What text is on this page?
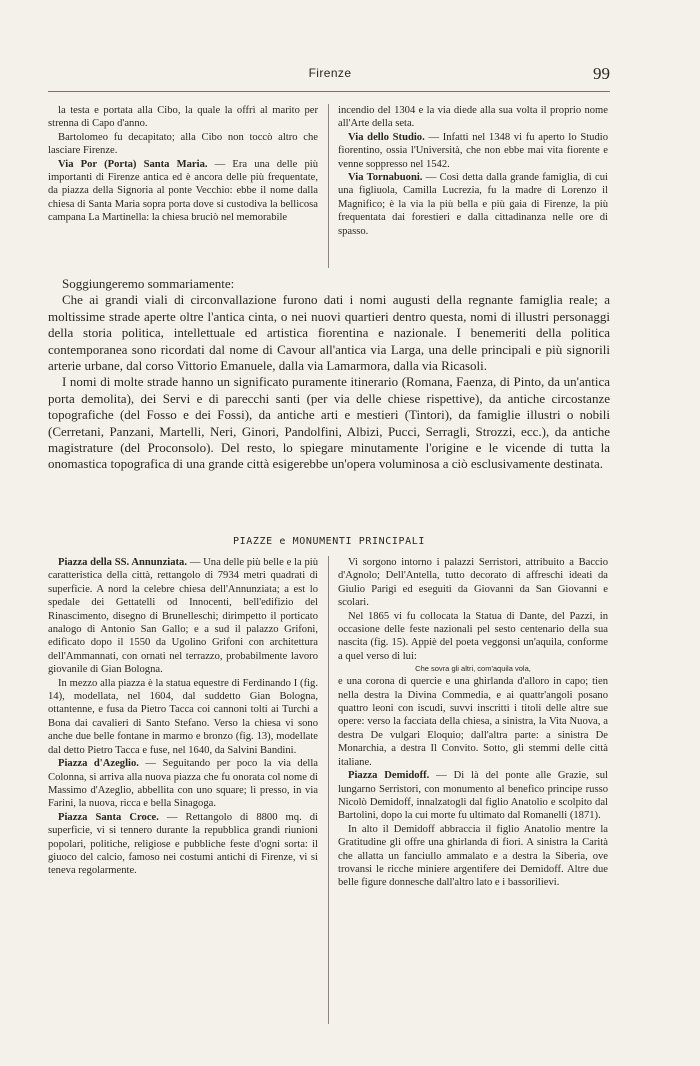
Firenze	99

la testa e portata alla Cibo, la quale la offrì al marito per strenna di Capo d'anno.

Bartolomeo fu decapitato; alla Cibo non toccò altro che lasciare Firenze.

Via Por (Porta) Santa Maria. — Era una delle più importanti di Firenze antica ed è ancora delle più frequentate, da piazza della Signoria al ponte Vecchio: ebbe il nome dalla chiesa di Santa Maria sopra porta dove si custodiva la bellicosa campana La Martinella: la chiesa bruciò nel memorabile

incendio del 1304 e la via diede alla sua volta il proprio nome all'Arte della seta.

Via dello Studio. — Infatti nel 1348 vi fu aperto lo Studio fiorentino, ossia l'Università, che non ebbe mai vita fiorente e venne soppresso nel 1542.

Via Tornabuoni. — Così detta dalla grande famiglia, di cui una figliuola, Camilla Lucrezia, fu la madre di Lorenzo il Magnifico; è la via la più bella e più gaia di Firenze, la più frequentata dai forestieri e dalla cittadinanza nelle ore di spasso.

Soggiungeremo sommariamente:

Che ai grandi viali di circonvallazione furono dati i nomi augusti della regnante famiglia reale; a moltissime strade aperte oltre l'antica cinta, o nei nuovi quartieri dentro questa, nomi di illustri personaggi della storia politica, intellettuale ed artistica fiorentina e nazionale. I benemeriti della politica contemporanea sono ricordati dal nome di Cavour all'antica via Larga, una delle principali e più signorili arterie urbane, dal corso Vittorio Emanuele, dalla via Lamarmora, dalla via Ricasoli.

I nomi di molte strade hanno un significato puramente itinerario (Romana, Faenza, di Pinto, da un'antica porta demolita), dei Servi e di parecchi santi (per via delle chiese rispettive), da antiche circostanze topografiche (del Fosso e dei Fossi), da antiche arti e mestieri (Tintori), da famiglie illustri o nobili (Cerretani, Panzani, Martelli, Neri, Ginori, Pandolfini, Albizi, Pucci, Serragli, Strozzi, ecc.), da antiche magistrature (del Proconsolo). Del resto, lo spiegare minutamente l'origine e le vicende di tutta la onomastica topografica di una grande città esigerebbe un'opera voluminosa a ciò esclusivamente destinata.

PIAZZE e MONUMENTI PRINCIPALI

Piazza della SS. Annunziata. — Una delle più belle e la più caratteristica della città, rettangolo di 7934 metri quadrati di superficie. A nord la celebre chiesa dell'Annunziata; a est lo spedale dei Gettatelli od Innocenti, bell'edifizio del Rinascimento, disegno di Brunelleschi; dirimpetto il porticato analogo di Antonio San Gallo; e a sud il palazzo Grifoni, edificato dopo il 1550 da Ugolino Grifoni con architettura dell'Ammannati, con ornati nel terrazzo, probabilmente lavoro giovanile di Gian Bologna.

In mezzo alla piazza è la statua equestre di Ferdinando I (fig. 14), modellata, nel 1604, dal suddetto Gian Bologna, ottantenne, e fusa da Pietro Tacca coi cannoni tolti ai Turchi a Bona dai cavalieri di Santo Stefano. Verso la chiesa vi sono anche due belle fontane in marmo e bronzo (fig. 13), modellate dal detto Pietro Tacca e fuse, nel 1640, da Salvini Bandini.

Piazza d'Azeglio. — Seguitando per poco la via della Colonna, si arriva alla nuova piazza che fu onorata col nome di Massimo d'Azeglio, abbellita con uno square; lì presso, in via Farini, la nuova, ricca e bella Sinagoga.

Piazza Santa Croce. — Rettangolo di 8800 mq. di superficie, vi si tennero durante la repubblica grandi riunioni popolari, politiche, religiose e pubbliche feste d'ogni sorta: il giuoco del calcio, famoso nei costumi antichi di Firenze, vi si teneva regolarmente.

Vi sorgono intorno i palazzi Serristori, attribuito a Baccio d'Agnolo; Dell'Antella, tutto decorato di affreschi ideati da Giulio Parigi ed eseguiti da Giovanni da San Giovanni e scolari.

Nel 1865 vi fu collocata la Statua di Dante, del Pazzi, in occasione delle feste nazionali pel sesto centenario della sua nascita (fig. 15). Appiè del poeta veggonsi un'aquila, conforme a quel verso di lui:

Che sovra gli altri, com'aquila vola,

e una corona di quercie e una ghirlanda d'alloro in capo; tien nella destra la Divina Commedia, e ai quattr'angoli posano quattro leoni con iscudi, suvvi inscritti i titoli delle altre sue opere: verso la facciata della chiesa, a sinistra, la Vita Nuova, a destra De vulgari Eloquio; dall'altra parte: a sinistra De Monarchia, a destra Il Convito. Sotto, gli stemmi delle città italiane.

Piazza Demidoff. — Di là del ponte alle Grazie, sul lungarno Serristori, con monumento al benefico principe russo Nicolò Demidoff, innalzatogli dal figlio Anatolio e scolpito dal Bartolini, dopo la cui morte fu ultimato dal Romanelli (1871).

In alto il Demidoff abbraccia il figlio Anatolio mentre la Gratitudine gli offre una ghirlanda di fiori. A sinistra la Carità che allatta un fanciullo ammalato e a destra la Siberia, ove trovansi le ricche miniere argentifere dei Demidoff. Altre due belle figure donnesche dall'altro lato e i bassorilievi.
